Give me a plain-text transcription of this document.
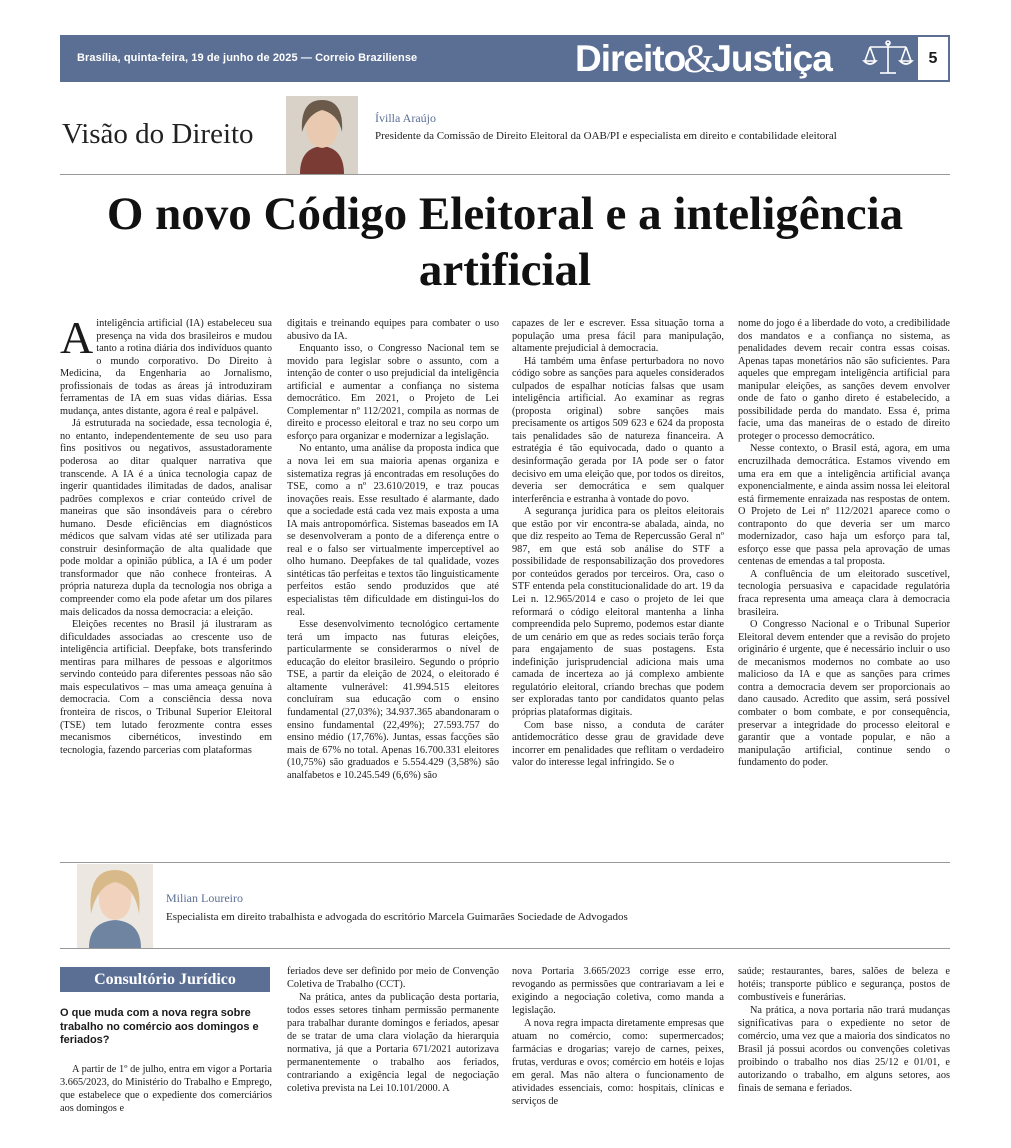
Brasília, quinta-feira, 19 de junho de 2025 — Correio Braziliense	Direito
&
Justiça	5
Visão do Direito	Ívilla Araújo
Presidente da Comissão de Direito Eleitoral da OAB/PI e especialista em direito e contabilidade eleitoral
O novo Código Eleitoral e a inteligência artificial

Ainteligência artificial (IA) estabeleceu sua presença na vida dos brasileiros e mudou tanto a rotina diária dos indivíduos quanto o mundo corporativo. Do Direito à Medicina, da Engenharia ao Jornalismo, profissionais de todas as áreas já introduziram ferramentas de IA em suas vidas diárias. Essa mudança, antes distante, agora é real e palpável.

Já estruturada na sociedade, essa tecnologia é, no entanto, independentemente de seu uso para fins positivos ou negativos, assustadoramente poderosa ao ditar qualquer narrativa que transcende. A IA é a única tecnologia capaz de ingerir quantidades ilimitadas de dados, analisar padrões complexos e criar conteúdo crível de maneiras que são insondáveis para o cérebro humano. Desde eficiências em diagnósticos médicos que salvam vidas até ser utilizada para construir desinformação de alta qualidade que pode moldar a opinião pública, a IA é um poder transformador que não conhece fronteiras. A própria natureza dupla da tecnologia nos obriga a compreender como ela pode afetar um dos pilares mais delicados da nossa democracia: a eleição.

Eleições recentes no Brasil já ilustraram as dificuldades associadas ao crescente uso de inteligência artificial. Deepfake, bots transferindo mentiras para milhares de pessoas e algoritmos servindo conteúdo para diferentes pessoas não são mais especulativos – mas uma ameaça genuína à democracia. Com a consciência dessa nova fronteira de riscos, o Tribunal Superior Eleitoral (TSE) tem lutado ferozmente contra esses mecanismos cibernéticos, investindo em tecnologia, fazendo parcerias com plataformas

digitais e treinando equipes para combater o uso abusivo da IA.

Enquanto isso, o Congresso Nacional tem se movido para legislar sobre o assunto, com a intenção de conter o uso prejudicial da inteligência artificial e aumentar a confiança no sistema democrático. Em 2021, o Projeto de Lei Complementar nº 112/2021, compila as normas de direito e processo eleitoral e traz no seu corpo um esforço para organizar e modernizar a legislação.

No entanto, uma análise da proposta indica que a nova lei em sua maioria apenas organiza e sistematiza regras já encontradas em resoluções do TSE, como a nº 23.610/2019, e traz poucas inovações reais. Esse resultado é alarmante, dado que a sociedade está cada vez mais exposta a uma IA mais antropomórfica. Sistemas baseados em IA se desenvolveram a ponto de a diferença entre o real e o falso ser virtualmente imperceptível ao olho humano. Deepfakes de tal qualidade, vozes sintéticas tão perfeitas e textos tão linguisticamente perfeitos estão sendo produzidos que até especialistas têm dificuldade em distingui-los do real.

Esse desenvolvimento tecnológico certamente terá um impacto nas futuras eleições, particularmente se considerarmos o nível de educação do eleitor brasileiro. Segundo o próprio TSE, a partir da eleição de 2024, o eleitorado é altamente vulnerável: 41.994.515 eleitores concluíram sua educação com o ensino fundamental (27,03%); 34.937.365 abandonaram o ensino fundamental (22,49%); 27.593.757 do ensino médio (17,76%). Juntas, essas facções são mais de 67% no total. Apenas 16.700.331 eleitores (10,75%) são graduados e 5.554.429 (3,58%) são analfabetos e 10.245.549 (6,6%) são

capazes de ler e escrever. Essa situação torna a população uma presa fácil para manipulação, altamente prejudicial à democracia.

Há também uma ênfase perturbadora no novo código sobre as sanções para aqueles considerados culpados de espalhar notícias falsas que usam inteligência artificial. Ao examinar as regras (proposta original) sobre sanções mais precisamente os artigos 509 623 e 624 da proposta tais penalidades são de natureza financeira. A estratégia é tão equivocada, dado o quanto a desinformação gerada por IA pode ser o fator decisivo em uma eleição que, por todos os direitos, deveria ser democrática e sem qualquer interferência e estranha à vontade do povo.

A segurança jurídica para os pleitos eleitorais que estão por vir encontra-se abalada, ainda, no que diz respeito ao Tema de Repercussão Geral nº 987, em que está sob análise do STF a possibilidade de responsabilização dos provedores por conteúdos gerados por terceiros. Ora, caso o STF entenda pela constitucionalidade do art. 19 da Lei n. 12.965/2014 e caso o projeto de lei que reformará o código eleitoral mantenha a linha compreendida pelo Supremo, podemos estar diante de um cenário em que as redes sociais terão força para engajamento de suas postagens. Esta indefinição jurisprudencial adiciona mais uma camada de incerteza ao já complexo ambiente regulatório eleitoral, criando brechas que podem ser exploradas tanto por candidatos quanto pelas próprias plataformas digitais.

Com base nisso, a conduta de caráter antidemocrático desse grau de gravidade deve incorrer em penalidades que reflitam o verdadeiro valor do interesse legal infringido. Se o

nome do jogo é a liberdade do voto, a credibilidade dos mandatos e a confiança no sistema, as penalidades devem recair contra essas coisas. Apenas tapas monetários não são suficientes. Para aqueles que empregam inteligência artificial para manipular eleições, as sanções devem envolver onde de fato o ganho direto é estabelecido, a possibilidade perda do mandato. Essa é, prima facie, uma das maneiras de o estado de direito proteger o processo democrático.

Nesse contexto, o Brasil está, agora, em uma encruzilhada democrática. Estamos vivendo em uma era em que a inteligência artificial avança exponencialmente, e ainda assim nossa lei eleitoral está firmemente enraizada nas respostas de ontem. O Projeto de Lei nº 112/2021 aparece como o contraponto do que deveria ser um marco modernizador, caso haja um esforço para tal, esforço esse que passa pela aprovação de umas centenas de emendas a tal proposta.

A confluência de um eleitorado suscetível, tecnologia persuasiva e capacidade regulatória fraca representa uma ameaça clara à democracia brasileira.

O Congresso Nacional e o Tribunal Superior Eleitoral devem entender que a revisão do projeto originário é urgente, que é necessário incluir o uso de mecanismos modernos no combate ao uso malicioso da IA e que as sanções para crimes contra a democracia devem ser proporcionais ao dano causado. Acredito que assim, será possível combater o bom combate, e por consequência, preservar a integridade do processo eleitoral e garantir que a vontade popular, e não a manipulação artificial, continue sendo o fundamento do poder.

Milian Loureiro
Especialista em direito trabalhista e advogada do escritório Marcela Guimarães Sociedade de Advogados
Consultório Jurídico
O que muda com a nova regra sobre trabalho no comércio aos domingos e feriados?

A partir de 1º de julho, entra em vigor a Portaria 3.665/2023, do Ministério do Trabalho e Emprego, que estabelece que o expediente dos comerciários aos domingos e

feriados deve ser definido por meio de Convenção Coletiva de Trabalho (CCT).

Na prática, antes da publicação desta portaria, todos esses setores tinham permissão permanente para trabalhar durante domingos e feriados, apesar de se tratar de uma clara violação da hierarquia normativa, já que a Portaria 671/2021 autorizava permanentemente o trabalho aos feriados, contrariando a exigência legal de negociação coletiva prevista na Lei 10.101/2000. A

nova Portaria 3.665/2023 corrige esse erro, revogando as permissões que contrariavam a lei e exigindo a negociação coletiva, como manda a legislação.

A nova regra impacta diretamente empresas que atuam no comércio, como: supermercados; farmácias e drogarias; varejo de carnes, peixes, frutas, verduras e ovos; comércio em hotéis e lojas em geral. Mas não altera o funcionamento de atividades essenciais, como: hospitais, clínicas e serviços de

saúde; restaurantes, bares, salões de beleza e hotéis; transporte público e segurança, postos de combustíveis e funerárias.

Na prática, a nova portaria não trará mudanças significativas para o expediente no setor de comércio, uma vez que a maioria dos sindicatos no Brasil já possui acordos ou convenções coletivas proibindo o trabalho nos dias 25/12 e 01/01, e autorizando o trabalho, em alguns setores, aos finais de semana e feriados.
